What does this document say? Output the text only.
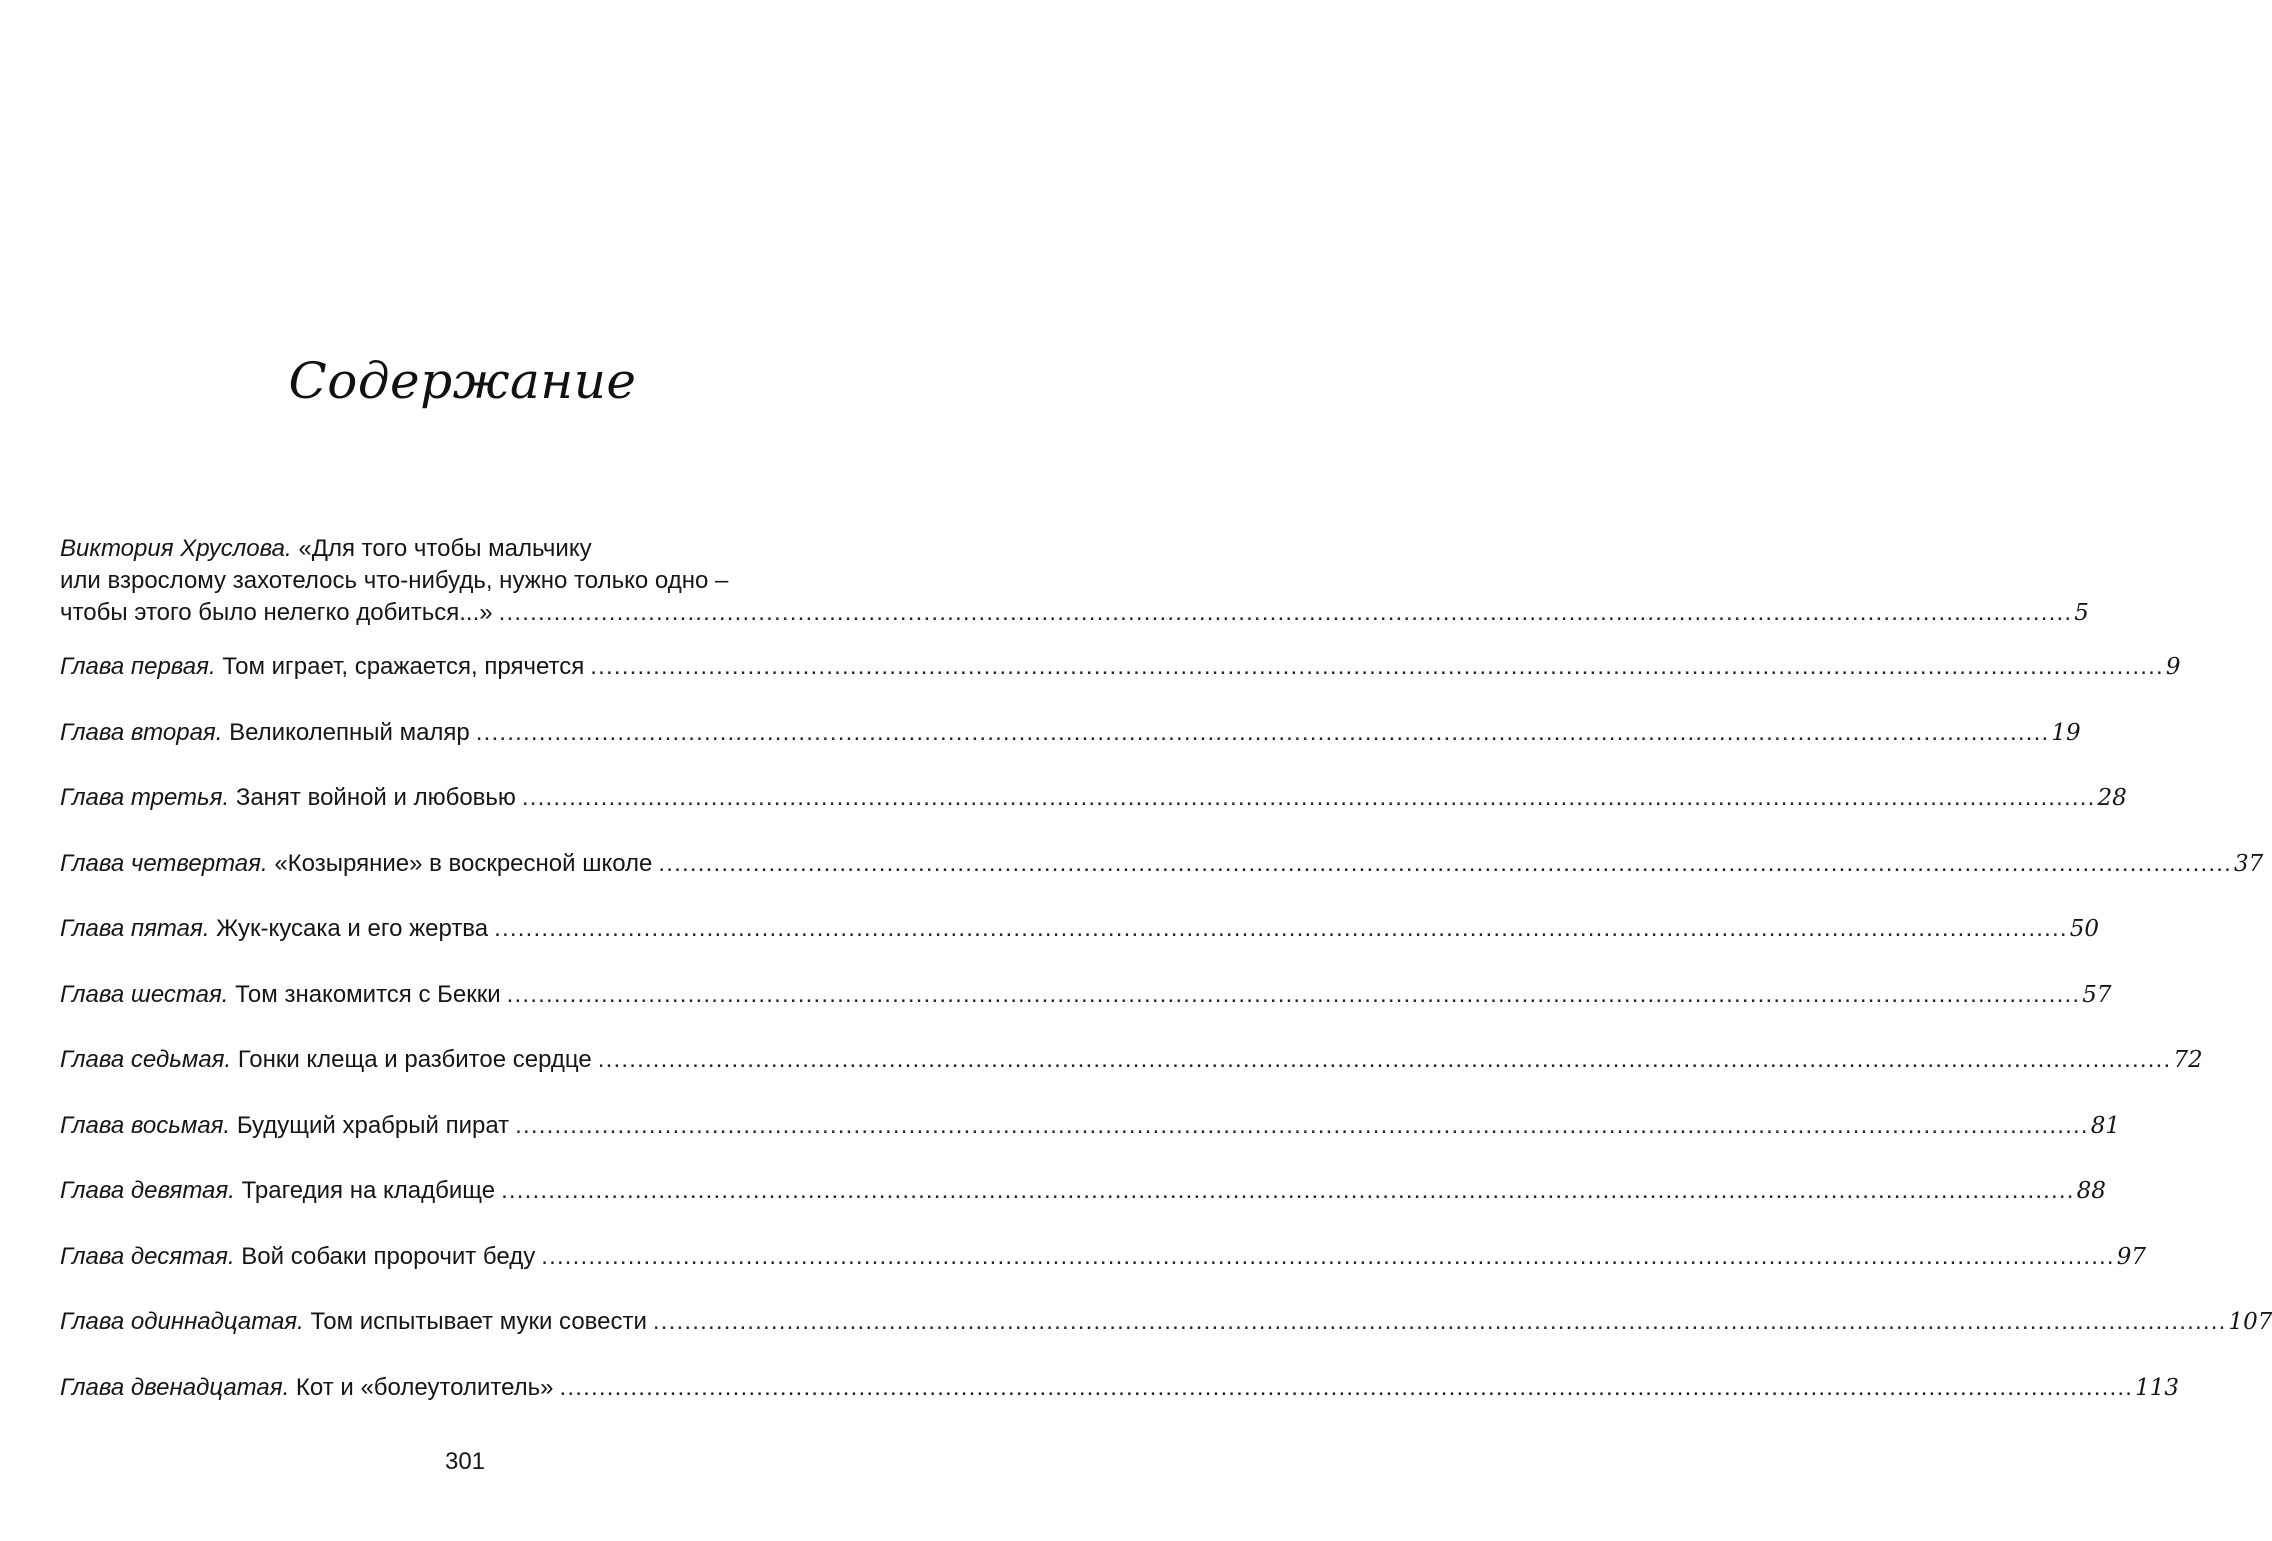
Содержание
Виктория Хруслова.
«Для того чтобы мальчику
или взрослому захотелось что-нибудь, нужно только одно –
чтобы этого было нелегко добиться...» ........................................................................................................................................................................................................ 5
Глава первая.
Том играет, сражается, прячется ........................................................................................................................................................................................................ 9
Глава вторая.
Великолепный маляр ........................................................................................................................................................................................................ 19
Глава третья.
Занят войной и любовью ........................................................................................................................................................................................................ 28
Глава четвертая.
«Козыряние» в воскресной школе ........................................................................................................................................................................................................ 37
Глава пятая.
Жук-кусака и его жертва ........................................................................................................................................................................................................ 50
Глава шестая.
Том знакомится с Бекки ........................................................................................................................................................................................................ 57
Глава седьмая.
Гонки клеща и разбитое сердце ........................................................................................................................................................................................................ 72
Глава восьмая.
Будущий храбрый пират ........................................................................................................................................................................................................ 81
Глава девятая.
Трагедия на кладбище ........................................................................................................................................................................................................ 88
Глава десятая.
Вой собаки пророчит беду ........................................................................................................................................................................................................ 97
Глава одиннадцатая.
Том испытывает муки совести ........................................................................................................................................................................................................ 107
Глава двенадцатая.
Кот и «болеутолитель» ........................................................................................................................................................................................................ 113
301
